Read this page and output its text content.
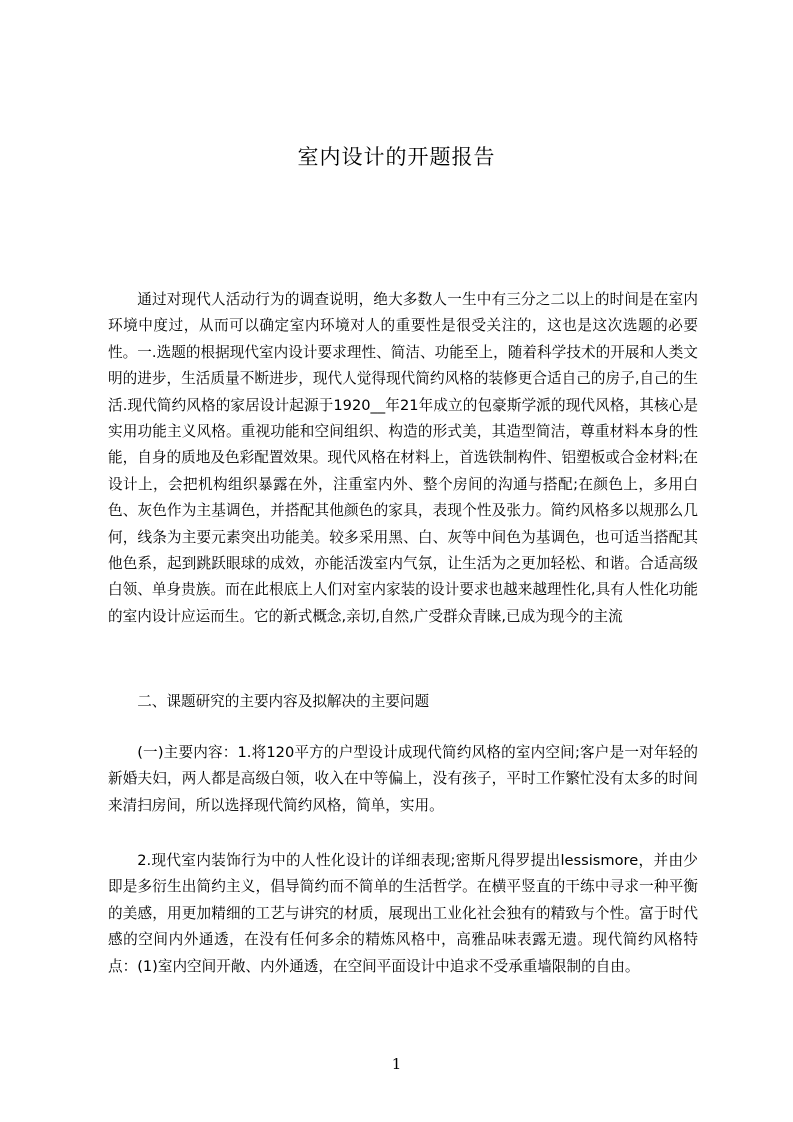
室内设计的开题报告
通过对现代人活动行为的调查说明，绝大多数人一生中有三分之二以上的时间是在室内环境中度过，从而可以确定室内环境对人的重要性是很受关注的，这也是这次选题的必要性。一.选题的根据现代室内设计要求理性、简洁、功能至上，随着科学技术的开展和人类文明的进步，生活质量不断进步，现代人觉得现代简约风格的装修更合适自己的房子,自己的生活.现代简约风格的家居设计起源于1920__年21年成立的包豪斯学派的现代风格，其核心是实用功能主义风格。重视功能和空间组织、构造的形式美，其造型简洁，尊重材料本身的性能，自身的质地及色彩配置效果。现代风格在材料上，首选铁制构件、铝塑板或合金材料;在设计上，会把机构组织暴露在外，注重室内外、整个房间的沟通与搭配;在颜色上，多用白色、灰色作为主基调色，并搭配其他颜色的家具，表现个性及张力。简约风格多以规那么几何，线条为主要元素突出功能美。较多采用黑、白、灰等中间色为基调色，也可适当搭配其他色系，起到跳跃眼球的成效，亦能活泼室内气氛，让生活为之更加轻松、和谐。合适高级白领、单身贵族。而在此根底上人们对室内家装的设计要求也越来越理性化,具有人性化功能的室内设计应运而生。它的新式概念,亲切,自然,广受群众青睐,已成为现今的主流
二、课题研究的主要内容及拟解决的主要问题
(一)主要内容：1.将120平方的户型设计成现代简约风格的室内空间;客户是一对年轻的新婚夫妇，两人都是高级白领，收入在中等偏上，没有孩子，平时工作繁忙没有太多的时间来清扫房间，所以选择现代简约风格，简单，实用。
2.现代室内装饰行为中的人性化设计的详细表现;密斯凡得罗提出lessismore，并由少即是多衍生出简约主义，倡导简约而不简单的生活哲学。在横平竖直的干练中寻求一种平衡的美感，用更加精细的工艺与讲究的材质，展现出工业化社会独有的精致与个性。富于时代感的空间内外通透，在没有任何多余的精炼风格中，高雅品味表露无遗。现代简约风格特点：(1)室内空间开敞、内外通透，在空间平面设计中追求不受承重墙限制的自由。
1
